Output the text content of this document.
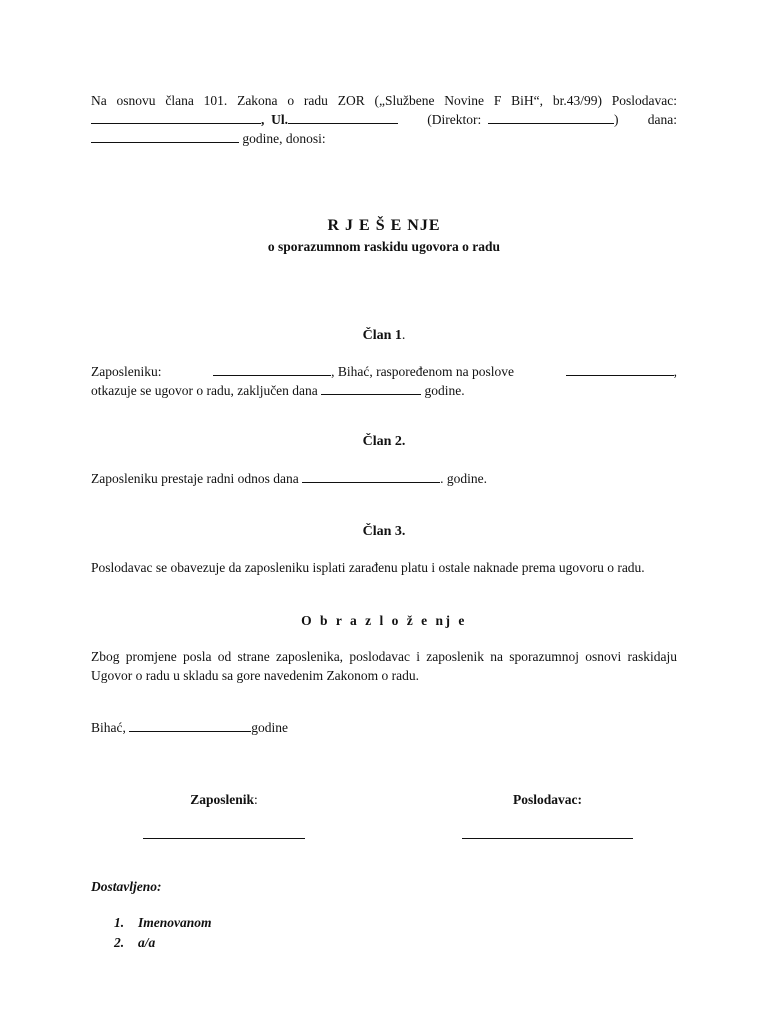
Na osnovu člana 101. Zakona o radu ZOR („Službene Novine F BiH“, br.43/99) Poslodavac:
,  Ul.	(Direktor:	) dana:
godine, donosi:
R J E Š E NJE
o sporazumnom raskidu ugovora o radu
Član 1.
Zaposleniku:	, Bihać, raspoređenom na poslove	,
otkazuje se ugovor o radu, zaključen dana	godine.
Član 2.
Zaposleniku prestaje radni odnos dana	. godine.
Član 3.
Poslodavac se obavezuje da zaposleniku isplati zarađenu platu i ostale naknade prema ugovoru o radu.
O b r a z l o ž e nj e
Zbog promjene posla od strane zaposlenika, poslodavac i zaposlenik na sporazumnoj osnovi raskidaju Ugovor o radu u skladu sa gore navedenim Zakonom o radu.
Bihać,	godine
Zaposlenik:	Poslodavac:
Dostavljeno:
1. Imenovanom
2. a/a
